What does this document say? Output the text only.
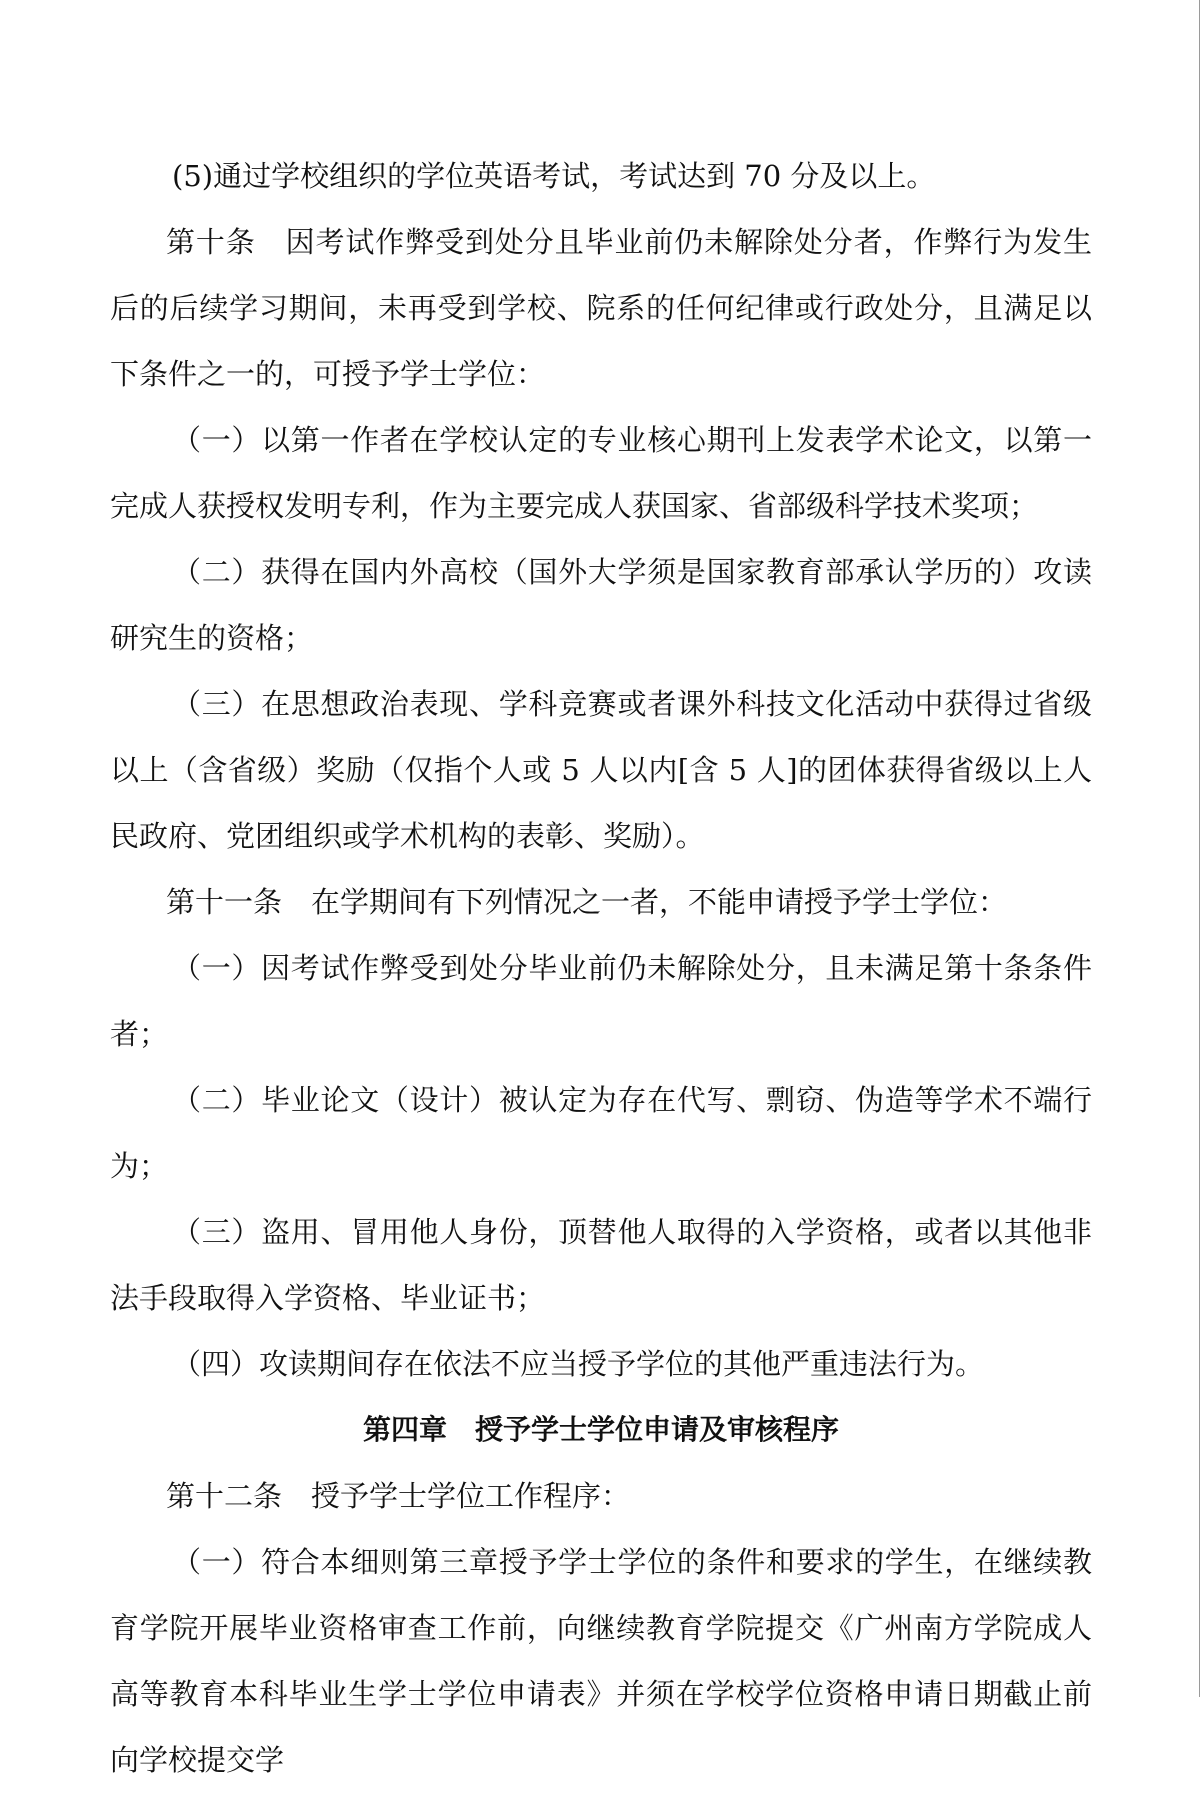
(5)通过学校组织的学位英语考试，考试达到 70 分及以上。

第十条　因考试作弊受到处分且毕业前仍未解除处分者，作弊行为发生后的后续学习期间，未再受到学校、院系的任何纪律或行政处分，且满足以下条件之一的，可授予学士学位：

（一）以第一作者在学校认定的专业核心期刊上发表学术论文，以第一完成人获授权发明专利，作为主要完成人获国家、省部级科学技术奖项；

（二）获得在国内外高校（国外大学须是国家教育部承认学历的）攻读研究生的资格；

（三）在思想政治表现、学科竞赛或者课外科技文化活动中获得过省级以上（含省级）奖励（仅指个人或 5 人以内[含 5 人]的团体获得省级以上人民政府、党团组织或学术机构的表彰、奖励）。

第十一条　在学期间有下列情况之一者，不能申请授予学士学位：

（一）因考试作弊受到处分毕业前仍未解除处分，且未满足第十条条件者；

（二）毕业论文（设计）被认定为存在代写、剽窃、伪造等学术不端行为；

（三）盗用、冒用他人身份，顶替他人取得的入学资格，或者以其他非法手段取得入学资格、毕业证书；

（四）攻读期间存在依法不应当授予学位的其他严重违法行为。

第四章　授予学士学位申请及审核程序

第十二条　授予学士学位工作程序：

（一）符合本细则第三章授予学士学位的条件和要求的学生，在继续教育学院开展毕业资格审查工作前，向继续教育学院提交《广州南方学院成人高等教育本科毕业生学士学位申请表》并须在学校学位资格申请日期截止前向学校提交学
